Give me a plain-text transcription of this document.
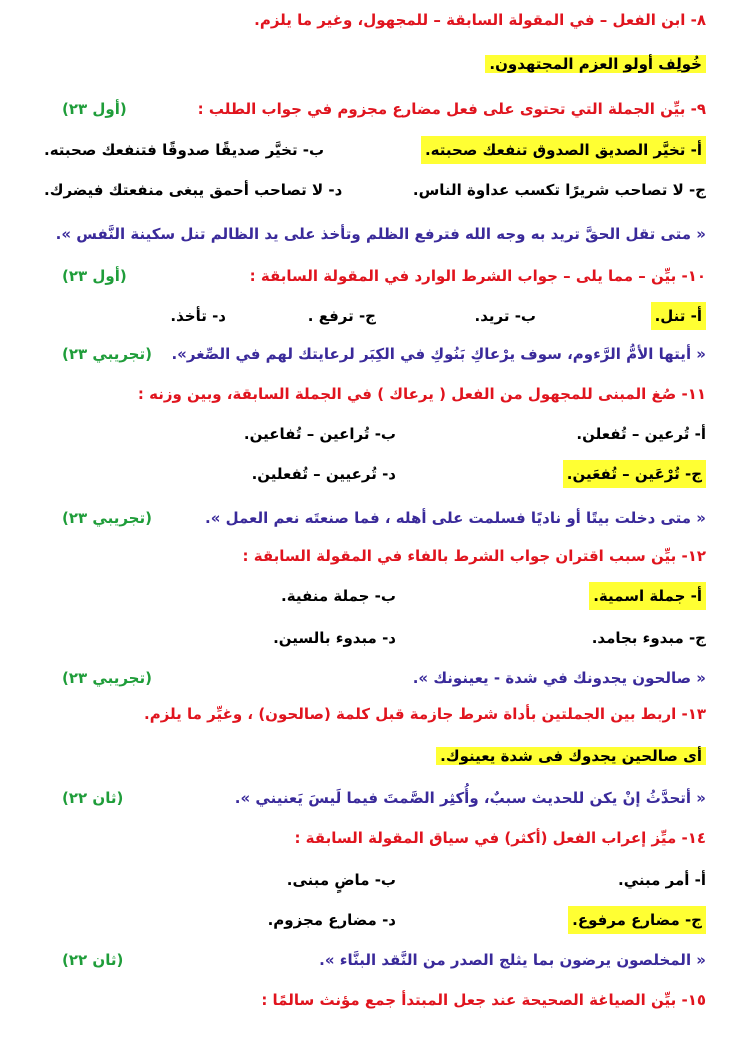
٨- ابن الفعل – في المقولة السابقة – للمجهول، وغير ما يلزم.
خُولِف أولو العزم المجتهدون.
٩- بيِّن الجملة التي تحتوى على فعل مضارع مجزوم في جواب الطلب :
(أول ٢٣)
أ- تخيَّر الصديق الصدوق تنفعك صحبته.
ب- تخيَّر صديقًا صدوقًا فتنفعك صحبته.
ج- لا تصاحب شريرًا تكسب عداوة الناس.
د- لا تصاحب أحمق يبغى منفعتك فيضرك.
« متى تقل الحقَّ تريد به وجه الله فترفع الظلم وتأخذ على يد الظالم تنل سكينة النَّفس ».
١٠- بيِّن – مما يلى – جواب الشرط الوارد في المقولة السابقة :
(أول ٢٣)
أ- تنل.
ب- تريد.
ج- ترفع .
د- تأخذ.
« أيتها الأمُّ الرَّءوم، سوف يرْعاكِ بَنُوكِ في الكِبَر لرعايتك لهم في الصِّغر».
(تجريبي ٢٣)
١١- صُغ المبنى للمجهول من الفعل ( يرعاك ) في الجملة السابقة، وبين وزنه :
أ- تُرعين – تُفعلن.
ب- تُراعين – تُفاعين.
ج- تُرْعَين – تُفعَين.
د- تُرعيين – تُفعلين.
« متى دخلت بيتًا أو ناديًا فسلمت على أهله ، فما صنعتَه نعم العمل ».
(تجريبي ٢٣)
١٢- بيِّن سبب اقتران جواب الشرط بالفاء في المقولة السابقة :
أ- جملة اسمية.
ب- جملة منفية.
ج- مبدوء بجامد.
د- مبدوء بالسين.
« صالحون يجدونك في شدة - يعينونك ».
(تجريبي ٢٣)
١٣- اربط بين الجملتين بأداة شرط جازمة قبل كلمة (صالحون) ، وغيِّر ما يلزم.
أى صالحين يجدوك فى شدة يعينوك.
« أتحدَّثُ إنْ يكن للحديث سببٌ، وأُكثِر الصَّمتَ فيما لَيسَ يَعنيني ».
(ثان ٢٢)
١٤- ميِّز إعراب الفعل (أكثر) في سياق المقولة السابقة :
أ- أمر مبني.
ب- ماضٍ مبنى.
ج- مضارع مرفوع.
د- مضارع مجزوم.
« المخلصون يرضون بما يثلج الصدر من النَّقد البنَّاء ».
(ثان ٢٢)
١٥- بيِّن الصياغة الصحيحة عند جعل المبتدأ جمع مؤنث سالمًا :
